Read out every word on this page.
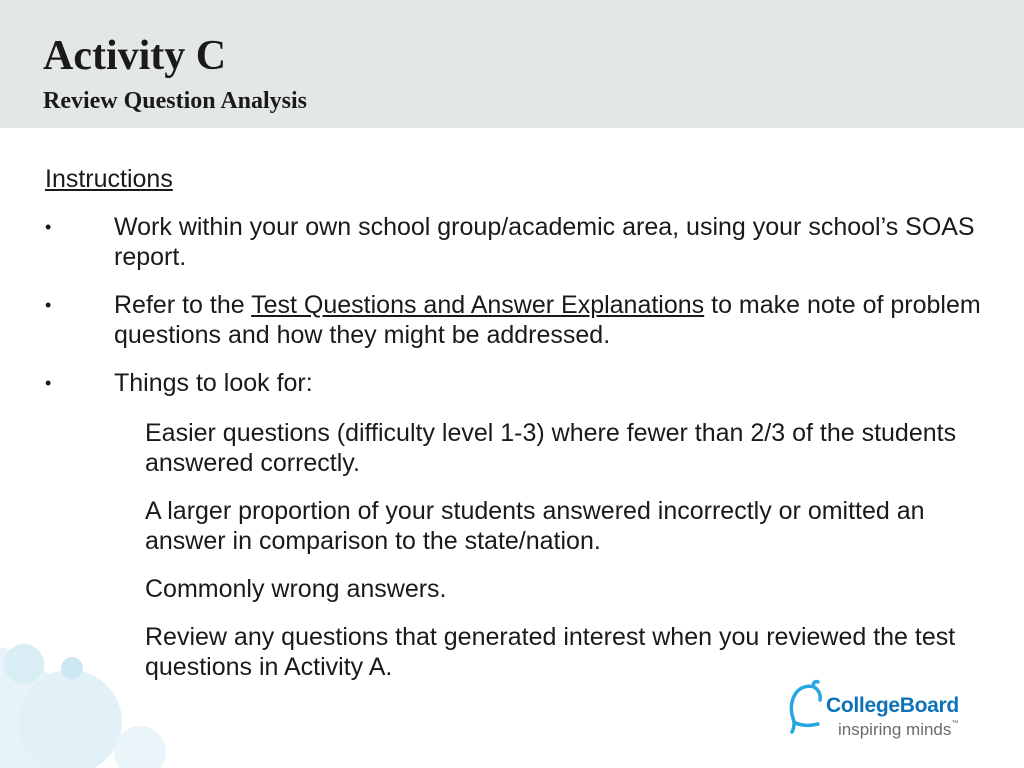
Activity C
Review Question Analysis
Instructions
•	Work within your own school group/academic area, using your school’s SOAS report.
•	Refer to the Test Questions and Answer Explanations to make note of problem questions and how they might be addressed.
•	Things to look for:
Easier questions (difficulty level 1-3) where fewer than 2/3 of the students answered correctly.
A larger proportion of your students answered incorrectly or omitted an answer in comparison to the state/nation.
Commonly wrong answers.
Review any questions that generated interest when you reviewed the test questions in Activity A.
CollegeBoard
inspiring minds™
